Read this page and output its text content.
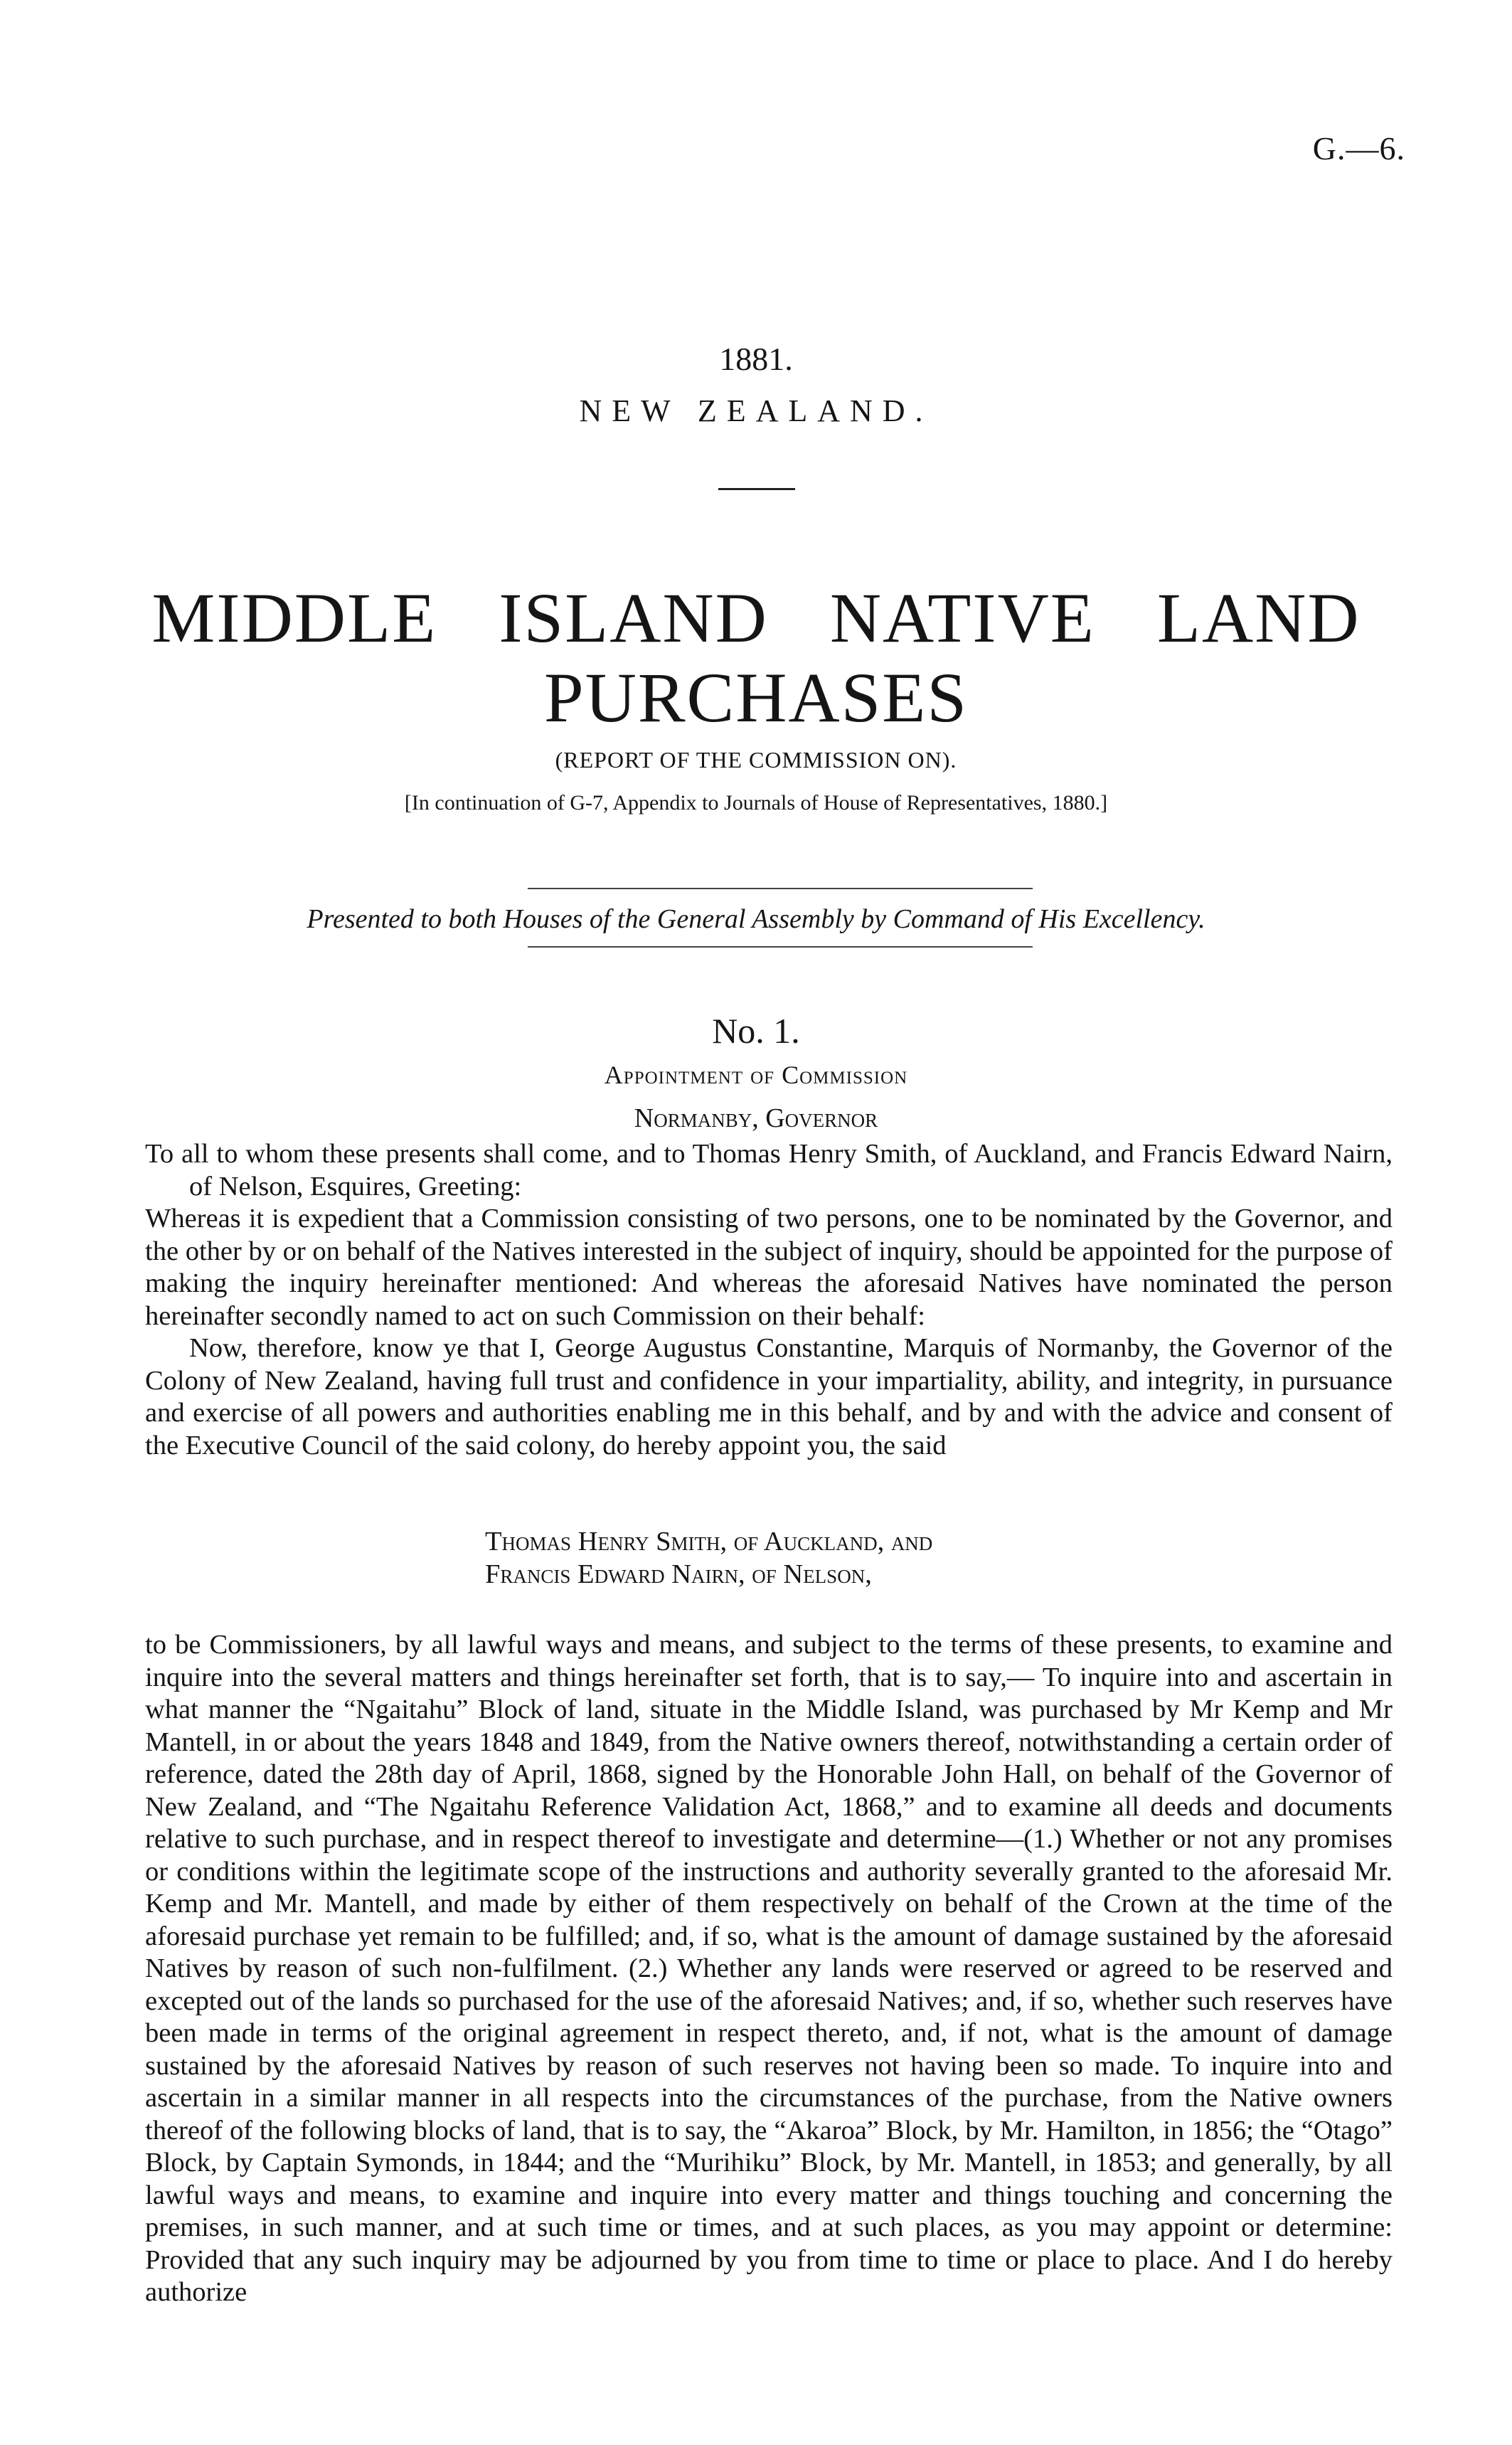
G.—6.
1881.
NEW ZEALAND.
MIDDLE ISLAND NATIVE LAND
PURCHASES
(REPORT OF THE COMMISSION ON).
[In continuation of G-7, Appendix to Journals of House of Representatives, 1880.]
Presented to both Houses of the General Assembly by Command of His Excellency.
No. 1.
Appointment of Commission
Normanby, Governor

To all to whom these presents shall come, and to Thomas Henry Smith, of Auckland, and Francis Edward Nairn, of Nelson, Esquires, Greeting:

Whereas it is expedient that a Commission consisting of two persons, one to be nominated by the Governor, and the other by or on behalf of the Natives interested in the subject of inquiry, should be appointed for the purpose of making the inquiry hereinafter mentioned: And whereas the aforesaid Natives have nominated the person hereinafter secondly named to act on such Commission on their behalf:

Now, therefore, know ye that I, George Augustus Constantine, Marquis of Normanby, the Governor of the Colony of New Zealand, having full trust and confidence in your impartiality, ability, and integrity, in pursuance and exercise of all powers and authorities enabling me in this behalf, and by and with the advice and consent of the Executive Council of the said colony, do hereby appoint you, the said

Thomas Henry Smith, of Auckland, and
Francis Edward Nairn, of Nelson,

to be Commissioners, by all lawful ways and means, and subject to the terms of these presents, to examine and inquire into the several matters and things hereinafter set forth, that is to say,— To inquire into and ascertain in what manner the “Ngaitahu” Block of land, situate in the Middle Island, was purchased by Mr Kemp and Mr Mantell, in or about the years 1848 and 1849, from the Native owners thereof, notwithstanding a certain order of reference, dated the 28th day of April, 1868, signed by the Honorable John Hall, on behalf of the Governor of New Zealand, and “The Ngaitahu Reference Validation Act, 1868,” and to examine all deeds and documents relative to such purchase, and in respect thereof to investigate and determine—(1.) Whether or not any promises or conditions within the legitimate scope of the instructions and authority severally granted to the aforesaid Mr. Kemp and Mr. Mantell, and made by either of them respectively on behalf of the Crown at the time of the aforesaid purchase yet remain to be fulfilled; and, if so, what is the amount of damage sustained by the aforesaid Natives by reason of such non-fulfilment. (2.) Whether any lands were reserved or agreed to be reserved and excepted out of the lands so purchased for the use of the aforesaid Natives; and, if so, whether such reserves have been made in terms of the original agreement in respect thereto, and, if not, what is the amount of damage sustained by the aforesaid Natives by reason of such reserves not having been so made. To inquire into and ascertain in a similar manner in all respects into the circumstances of the purchase, from the Native owners thereof of the following blocks of land, that is to say, the “Akaroa” Block, by Mr. Hamilton, in 1856; the “Otago” Block, by Captain Symonds, in 1844; and the “Murihiku” Block, by Mr. Mantell, in 1853; and generally, by all lawful ways and means, to examine and inquire into every matter and things touching and concerning the premises, in such manner, and at such time or times, and at such places, as you may appoint or determine: Provided that any such inquiry may be adjourned by you from time to time or place to place. And I do hereby authorize
